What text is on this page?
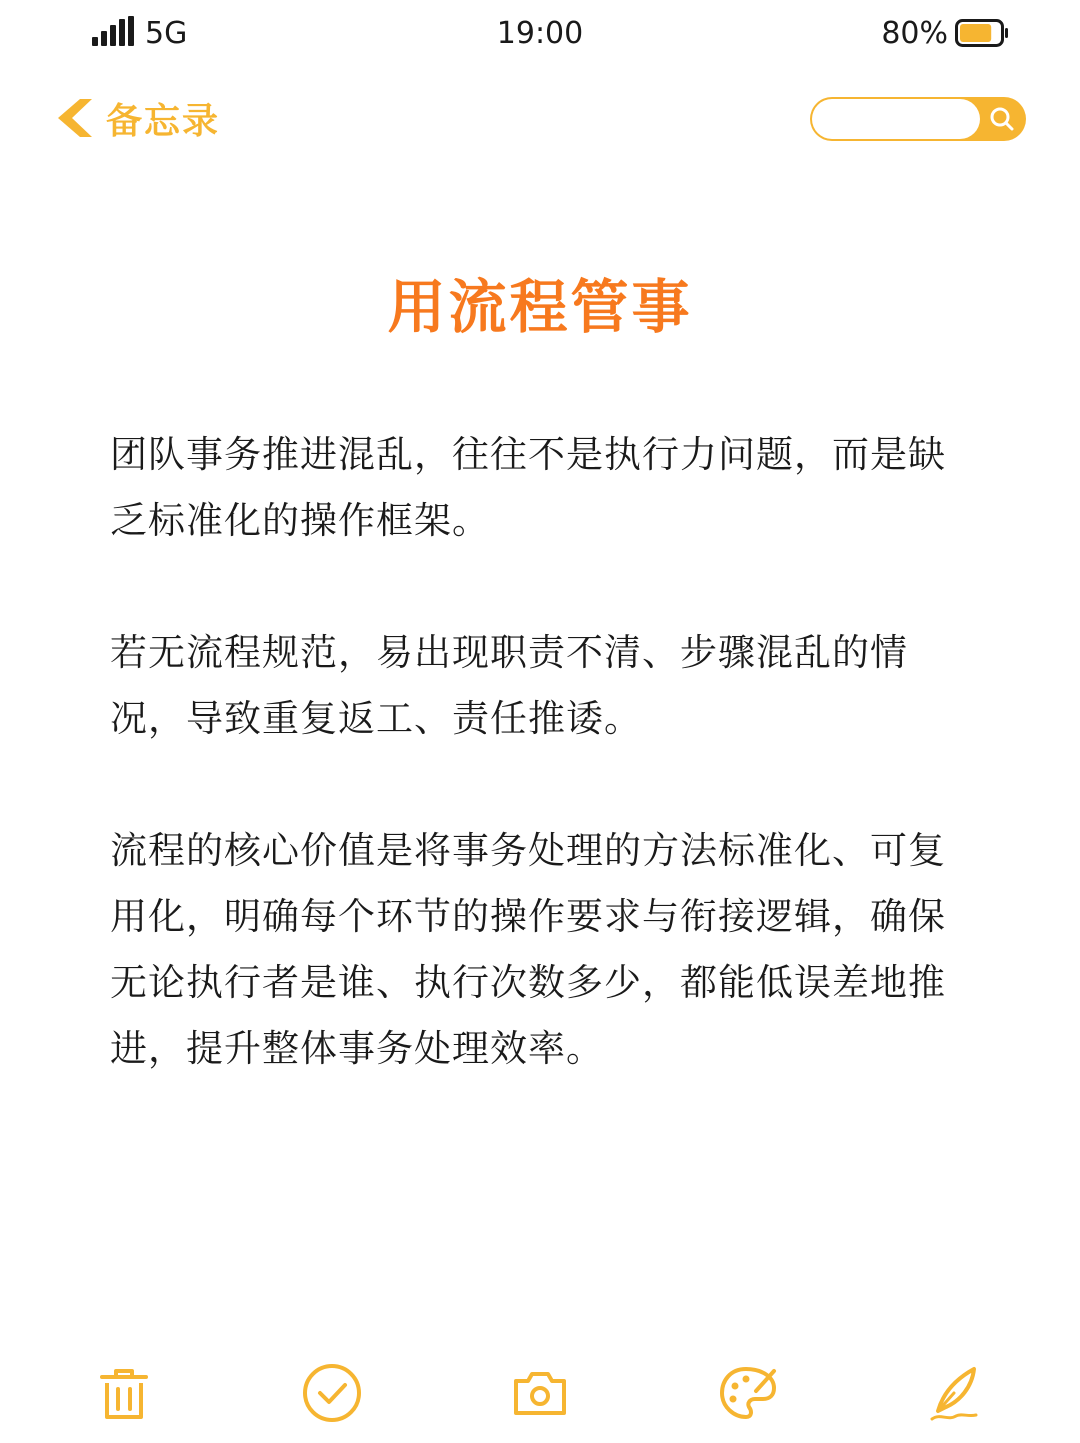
5G	19:00	80%
备忘录
用流程管事

团队事务推进混乱，往往不是执行力问题，而是缺乏标准化的操作框架。

若无流程规范，易出现职责不清、步骤混乱的情况，导致重复返工、责任推诿。

流程的核心价值是将事务处理的方法标准化、可复用化，明确每个环节的操作要求与衔接逻辑，确保无论执行者是谁、执行次数多少，都能低误差地推进，提升整体事务处理效率。
